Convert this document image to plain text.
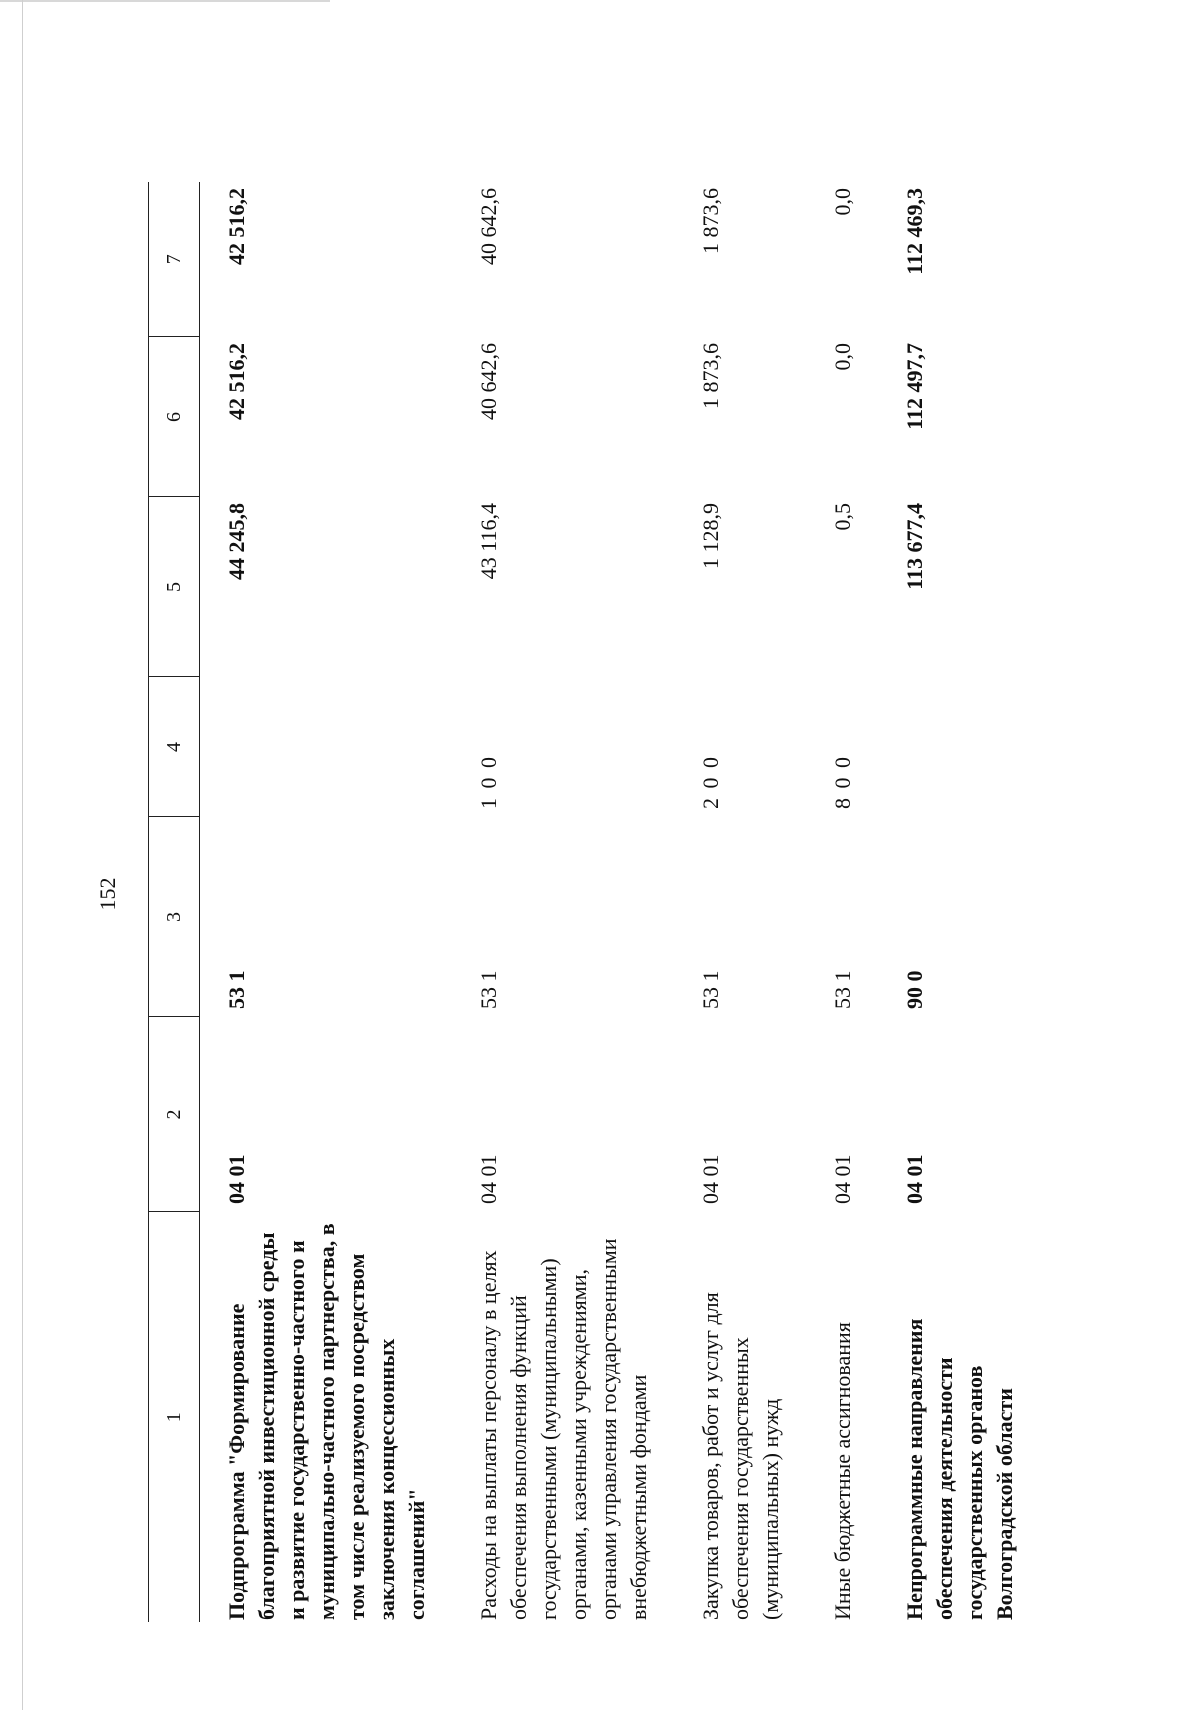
152
1	2	3	4	5	6	7
Подпрограмма "Формирование благоприятной инвестиционной среды и развитие государственно-частного и муниципально-частного партнерства, в том числе реализуемого посредством заключения концессионных соглашений"	04 01	53 1		44 245,8	42 516,2	42 516,2
Расходы на выплаты персоналу в целях обеспечения выполнения функций государственными (муниципальными) органами, казенными учреждениями, органами управления государственными внебюджетными фондами	04 01	53 1	1 0 0	43 116,4	40 642,6	40 642,6
Закупка товаров, работ и услуг для обеспечения государственных (муниципальных) нужд	04 01	53 1	2 0 0	1 128,9	1 873,6	1 873,6
Иные бюджетные ассигнования	04 01	53 1	8 0 0	0,5	0,0	0,0
Непрограммные направления обеспечения деятельности государственных органов Волгоградской области	04 01	90 0		113 677,4	112 497,7	112 469,3
